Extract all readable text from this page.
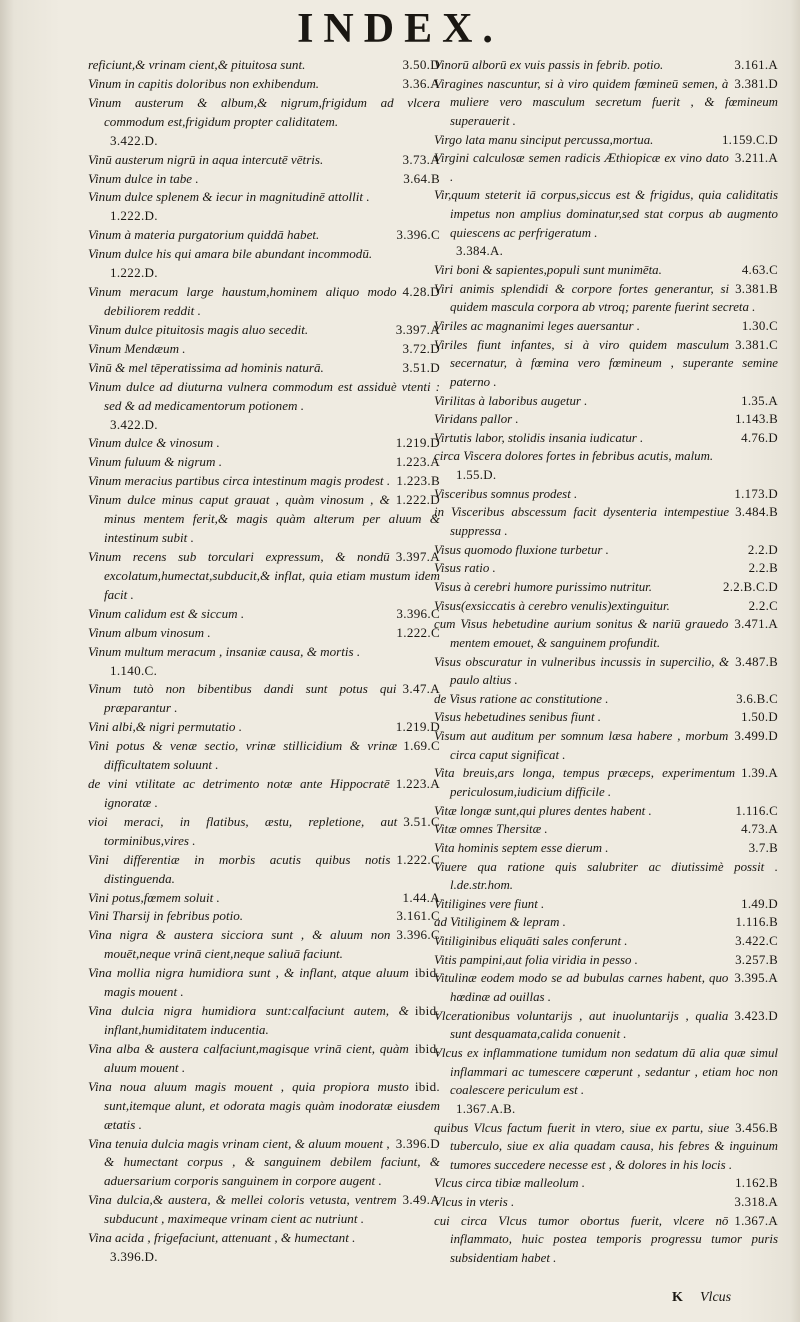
INDEX.
3.50.D
reficiunt,& vrinam cient,& pituitosa sunt.
3.36.A
Vinum in capitis doloribus non exhibendum.
Vinum austerum & album,& nigrum,frigidum ad vlcera commodum est,frigidum propter caliditatem.
3.422.D.
3.73.A
Vinū austerum nigrū in aqua intercutē vētris.
3.64.B
Vinum dulce in tabe .
Vinum dulce splenem & iecur in magnitudinē attollit .
1.222.D.
3.396.C
Vinum à materia purgatorium quiddā habet.
Vinum dulce his qui amara bile abundant incommodū.
1.222.D.
4.28.D
Vinum meracum large haustum,hominem aliquo modo debiliorem reddit .
3.397.A
Vinum dulce pituitosis magis aluo secedit.
3.72.D
Vinum Mendæum .
3.51.D
Vinū & mel tēperatissima ad hominis naturā.
Vinum dulce ad diuturna vulnera commodum est assiduè vtenti : sed & ad medicamentorum potionem .
3.422.D.
1.219.D
Vinum dulce & vinosum .
1.223.A
Vinum fuluum & nigrum .
1.223.B
Vinum meracius partibus circa intestinum magis prodest .
1.222.D
Vinum dulce minus caput grauat , quàm vinosum , & minus mentem ferit,& magis quàm alterum per aluum & intestinum subit .
3.397.A
Vinum recens sub torculari expressum, & nondū excolatum,humectat,subducit,& inflat, quia etiam mustum idem facit .
3.396.C
Vinum calidum est & siccum .
1.222.C
Vinum album vinosum .
Vinum multum meracum , insaniæ causa, & mortis .
1.140.C.
3.47.A
Vinum tutò non bibentibus dandi sunt potus qui præparantur .
1.219.D
Vini albi,& nigri permutatio .
1.69.C
Vini potus & venæ sectio, vrinæ stillicidium & vrinæ difficultatem soluunt .
1.223.A
de vini vtilitate ac detrimento notæ ante Hippocratē ignoratæ .
3.51.C
vioi meraci, in flatibus, æstu, repletione, aut torminibus,vires .
1.222.C
Vini differentiæ in morbis acutis quibus notis distinguenda.
1.44.A
Vini potus,fœmem soluit .
3.161.C
Vini Tharsij in febribus potio.
3.396.C
Vina nigra & austera sicciora sunt , & aluum non mouēt,neque vrinā cient,neque saliuā faciunt.
ibid.
Vina mollia nigra humidiora sunt , & inflant, atque aluum magis mouent .
ibid.
Vina dulcia nigra humidiora sunt:calfaciunt autem, & inflant,humiditatem inducentia.
ibid.
Vina alba & austera calfaciunt,magisque vrinā cient, quàm aluum mouent .
ibid.
Vina noua aluum magis mouent , quia propiora musto sunt,itemque alunt, et odorata magis quàm inodoratæ eiusdem ætatis .
3.396.D
Vina tenuia dulcia magis vrinam cient, & aluum mouent , & humectant corpus , & sanguinem debilem faciunt, & aduersarium corporis sanguinem in corpore augent .
3.49.A
Vina dulcia,& austera, & mellei coloris vetusta, ventrem subducunt , maximeque vrinam cient ac nutriunt .
Vina acida , frigefaciunt, attenuant , & humectant .
3.396.D.
3.161.A
Vinorū alborū ex vuis passis in febrib. potio.
3.381.D
Viragines nascuntur, si à viro quidem fœmineū semen, à muliere vero masculum secretum fuerit , & fœmineum superauerit .
1.159.C.D
Virgo lata manu sinciput percussa,mortua.
3.211.A
Virgini calculosæ semen radicis Æthiopicæ ex vino dato .
Vir,quum steterit iā corpus,siccus est & frigidus, quia caliditatis impetus non amplius dominatur,sed stat corpus ab augmento quiescens ac perfrigeratum .
3.384.A.
4.63.C
Viri boni & sapientes,populi sunt munimēta.
3.381.B
Viri animis splendidi & corpore fortes generantur, si quidem mascula corpora ab vtroq; parente fuerint secreta .
1.30.C
Viriles ac magnanimi leges auersantur .
3.381.C
Viriles fiunt infantes, si à viro quidem masculum secernatur, à fœmina vero fœmineum , superante semine paterno .
1.35.A
Virilitas à laboribus augetur .
1.143.B
Viridans pallor .
4.76.D
Virtutis labor, stolidis insania iudicatur .
circa Viscera dolores fortes in febribus acutis, malum.
1.55.D.
1.173.D
Visceribus somnus prodest .
3.484.B
in Visceribus abscessum facit dysenteria intempestiue suppressa .
2.2.D
Visus quomodo fluxione turbetur .
2.2.B
Visus ratio .
2.2.B.C.D
Visus à cerebri humore purissimo nutritur.
2.2.C
Visus(exsiccatis à cerebro venulis)extinguitur.
3.471.A
cum Visus hebetudine aurium sonitus & nariū grauedo mentem emouet, & sanguinem profundit.
3.487.B
Visus obscuratur in vulneribus incussis in supercilio, & paulo altius .
3.6.B.C
de Visus ratione ac constitutione .
1.50.D
Visus hebetudines senibus fiunt .
3.499.D
Visum aut auditum per somnum læsa habere , morbum circa caput significat .
1.39.A
Vita breuis,ars longa, tempus præceps, experimentum periculosum,iudicium difficile .
1.116.C
Vitæ longæ sunt,qui plures dentes habent .
4.73.A
Vitæ omnes Thersitæ .
3.7.B
Vita hominis septem esse dierum .
Viuere qua ratione quis salubriter ac diutissimè possit . l.de.str.hom.
1.49.D
Vitiligines vere fiunt .
1.116.B
ad Vitiliginem & lepram .
3.422.C
Vitiliginibus eliquāti sales conferunt .
3.257.B
Vitis pampini,aut folia viridia in pesso .
3.395.A
Vitulinæ eodem modo se ad bubulas carnes habent, quo hœdinæ ad ouillas .
3.423.D
Vlcerationibus voluntarijs , aut inuoluntarijs , qualia sunt desquamata,calida conuenit .
Vlcus ex inflammatione tumidum non sedatum dū alia quæ simul inflammari ac tumescere cœperunt , sedantur , etiam hoc non coalescere periculum est .
1.367.A.B.
3.456.B
quibus Vlcus factum fuerit in vtero, siue ex partu, siue tuberculo, siue ex alia quadam causa, his febres & inguinum tumores succedere necesse est , & dolores in his locis .
1.162.B
Vlcus circa tibiæ malleolum .
3.318.A
Vlcus in vteris .
1.367.A
cui circa Vlcus tumor obortus fuerit, vlcere nō inflammato, huic postea temporis progressu tumor puris subsidentiam habet .
K Vlcus
